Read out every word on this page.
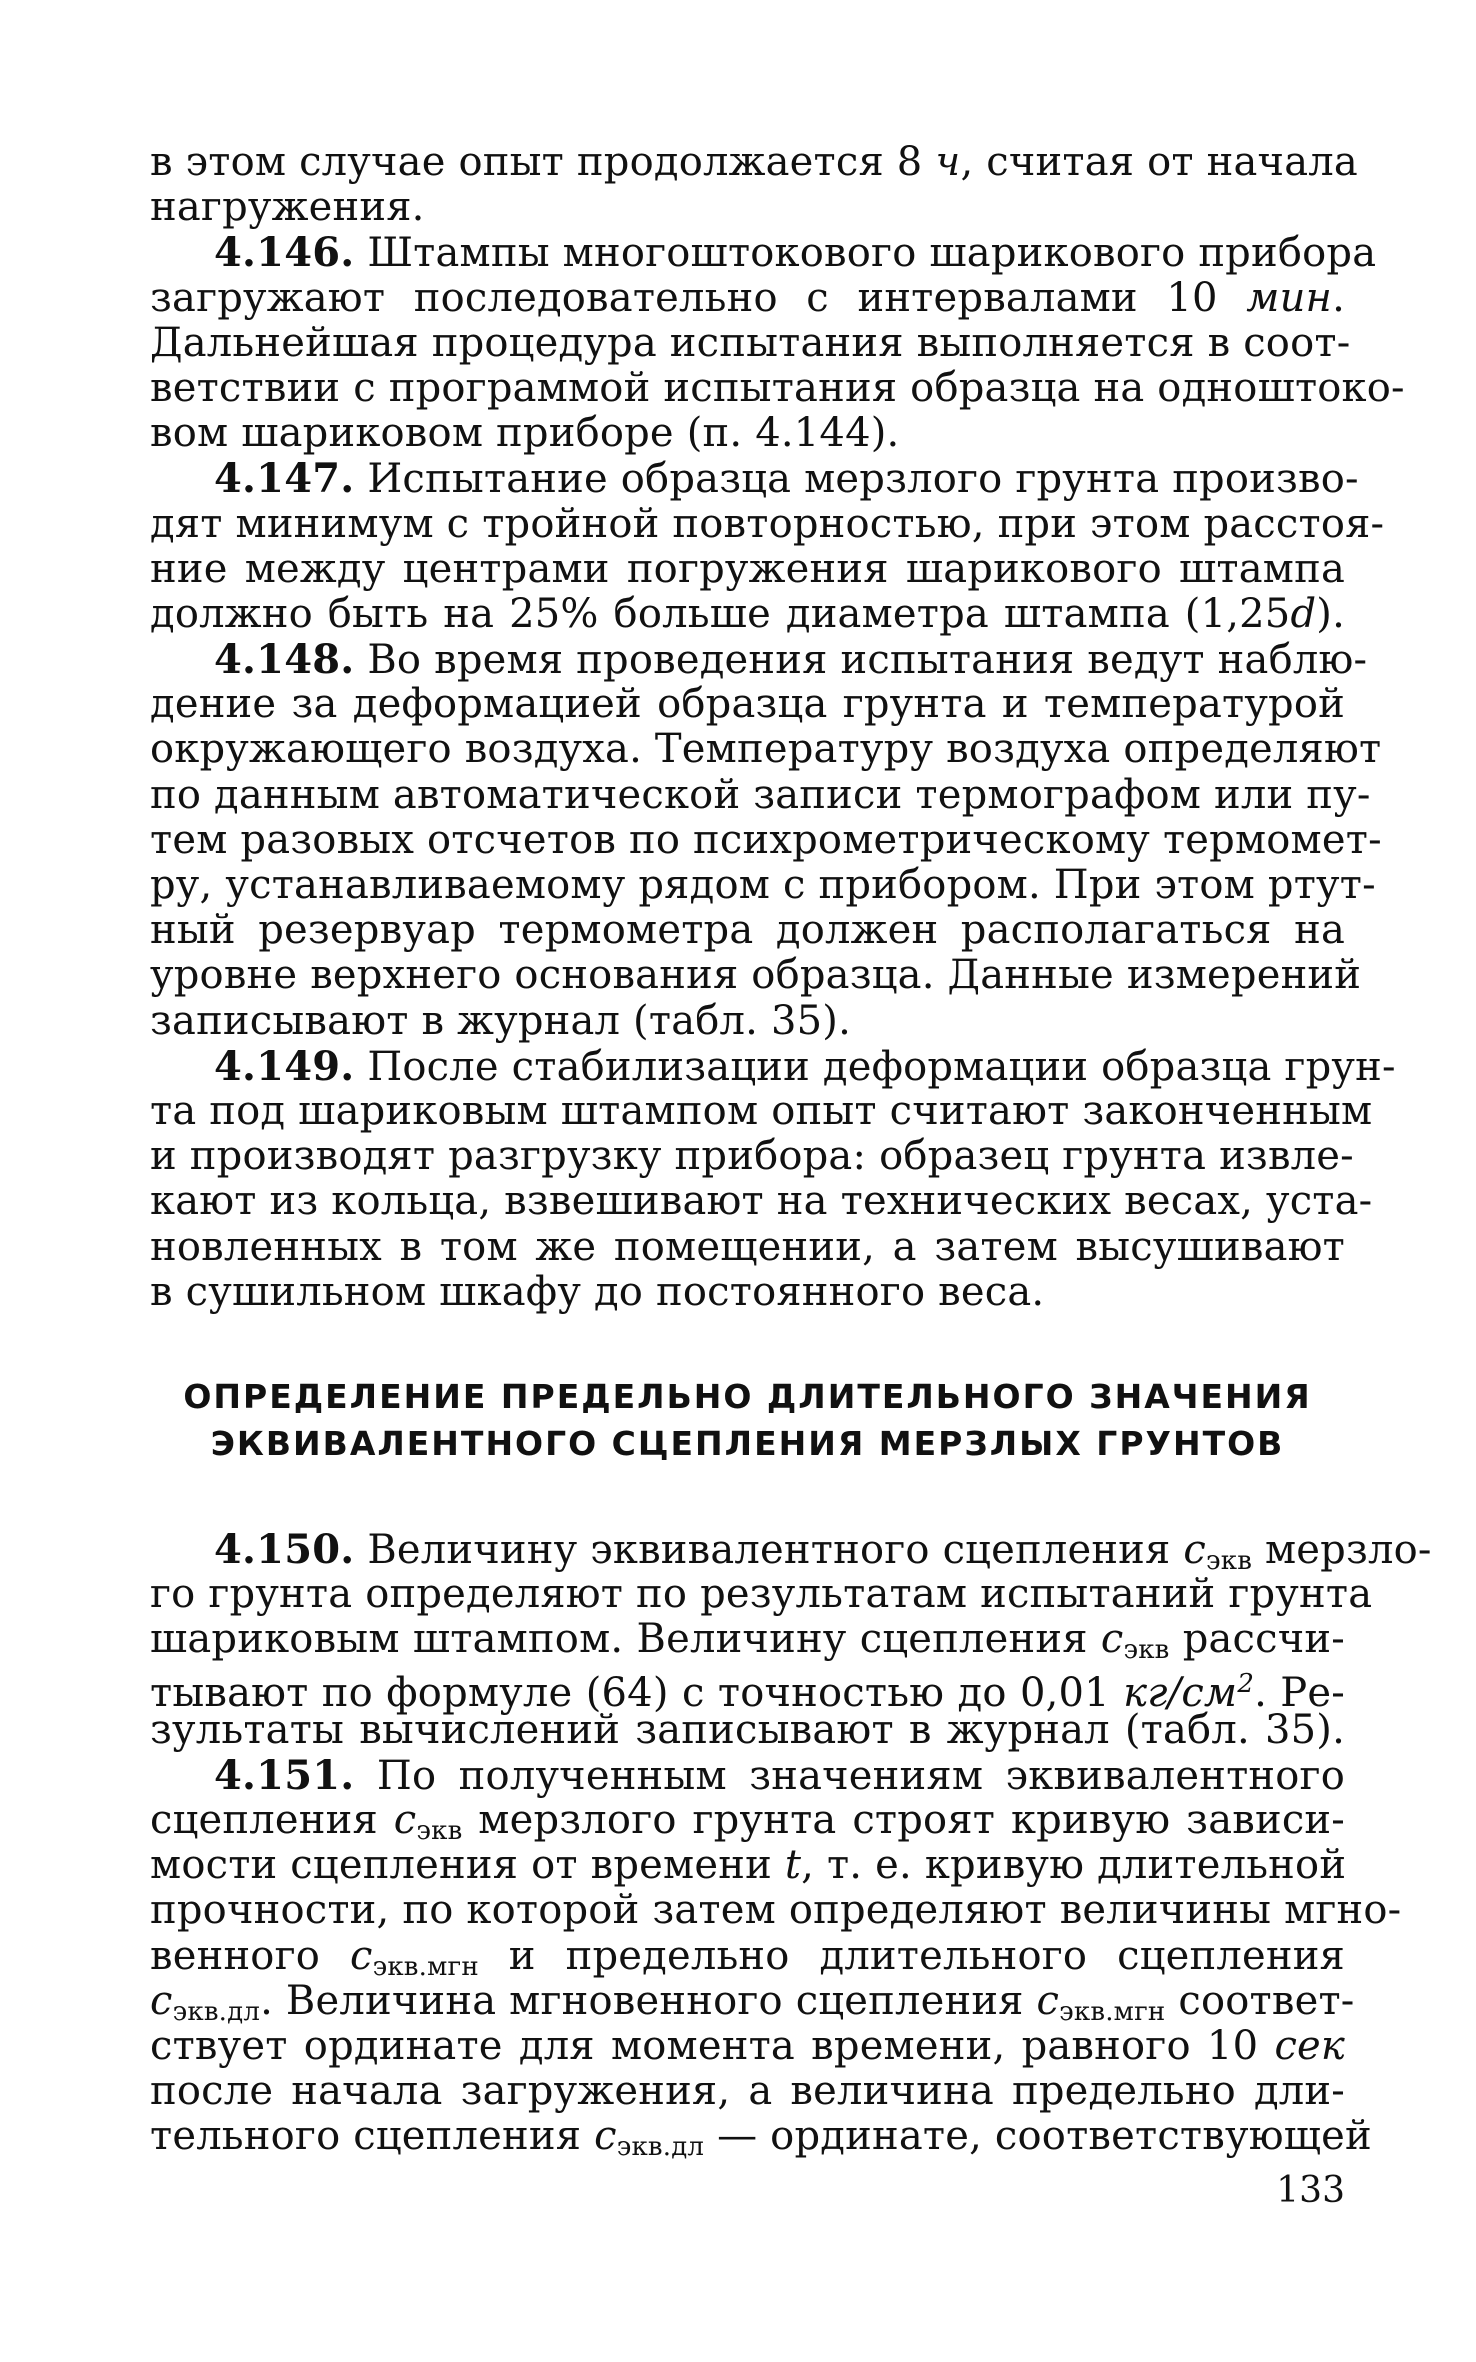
в этом случае опыт продолжается 8 ч, считая от начала
нагружения.
4.146. Штампы многоштокового шарикового прибора
загружают последовательно с интервалами 10 мин.
Дальнейшая процедура испытания выполняется в соот-
ветствии с программой испытания образца на одноштоко-
вом шариковом приборе (п. 4.144).
4.147. Испытание образца мерзлого грунта произво-
дят минимум с тройной повторностью, при этом расстоя-
ние между центрами погружения шарикового штампа
должно быть на 25% больше диаметра штампа (1,25d).
4.148. Во время проведения испытания ведут наблю-
дение за деформацией образца грунта и температурой
окружающего воздуха. Температуру воздуха определяют
по данным автоматической записи термографом или пу-
тем разовых отсчетов по психрометрическому термомет-
ру, устанавливаемому рядом с прибором. При этом ртут-
ный резервуар термометра должен располагаться на
уровне верхнего основания образца. Данные измерений
записывают в журнал (табл. 35).
4.149. После стабилизации деформации образца грун-
та под шариковым штампом опыт считают законченным
и производят разгрузку прибора: образец грунта извле-
кают из кольца, взвешивают на технических весах, уста-
новленных в том же помещении, а затем высушивают
в сушильном шкафу до постоянного веса.
ОПРЕДЕЛЕНИЕ ПРЕДЕЛЬНО ДЛИТЕЛЬНОГО ЗНАЧЕНИЯ
ЭКВИВАЛЕНТНОГО СЦЕПЛЕНИЯ МЕРЗЛЫХ ГРУНТОВ
4.150. Величину эквивалентного сцепления $c_{экв}$ мерзло-
го грунта определяют по результатам испытаний грунта
шариковым штампом. Величину сцепления $c_{экв}$ рассчи-
тывают по формуле (64) с точностью до 0,01 $кг/см^2$. Ре-
зультаты вычислений записывают в журнал (табл. 35).
4.151. По полученным значениям эквивалентного
сцепления $c_{экв}$ мерзлого грунта строят кривую зависи-
мости сцепления от времени t, т. е. кривую длительной
прочности, по которой затем определяют величины мгно-
венного $c_{экв.мгн}$ и предельно длительного сцепления
$c_{экв.дл}$. Величина мгновенного сцепления $c_{экв.мгн}$ соответ-
ствует ординате для момента времени, равного 10 сек
после начала загружения, а величина предельно дли-
тельного сцепления $c_{экв.дл}$ — ординате, соответствующей
133
